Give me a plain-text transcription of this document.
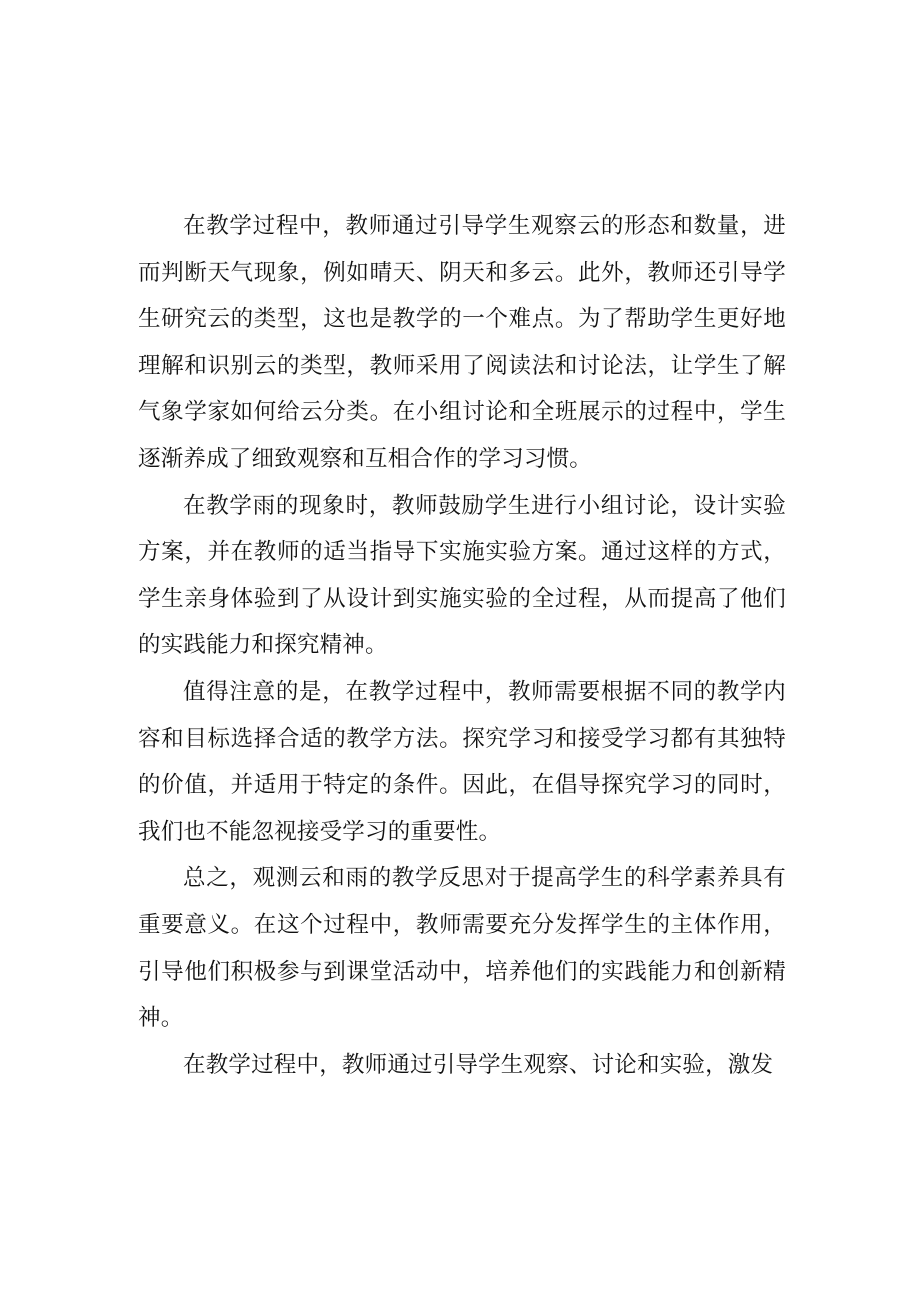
在教学过程中，教师通过引导学生观察云的形态和数量，进而判断天气现象，例如晴天、阴天和多云。此外，教师还引导学生研究云的类型，这也是教学的一个难点。为了帮助学生更好地理解和识别云的类型，教师采用了阅读法和讨论法，让学生了解气象学家如何给云分类。在小组讨论和全班展示的过程中，学生逐渐养成了细致观察和互相合作的学习习惯。

在教学雨的现象时，教师鼓励学生进行小组讨论，设计实验方案，并在教师的适当指导下实施实验方案。通过这样的方式，学生亲身体验到了从设计到实施实验的全过程，从而提高了他们的实践能力和探究精神。

值得注意的是，在教学过程中，教师需要根据不同的教学内容和目标选择合适的教学方法。探究学习和接受学习都有其独特的价值，并适用于特定的条件。因此，在倡导探究学习的同时，我们也不能忽视接受学习的重要性。

总之，观测云和雨的教学反思对于提高学生的科学素养具有重要意义。在这个过程中，教师需要充分发挥学生的主体作用，引导他们积极参与到课堂活动中，培养他们的实践能力和创新精神。

在教学过程中，教师通过引导学生观察、讨论和实验，激发
